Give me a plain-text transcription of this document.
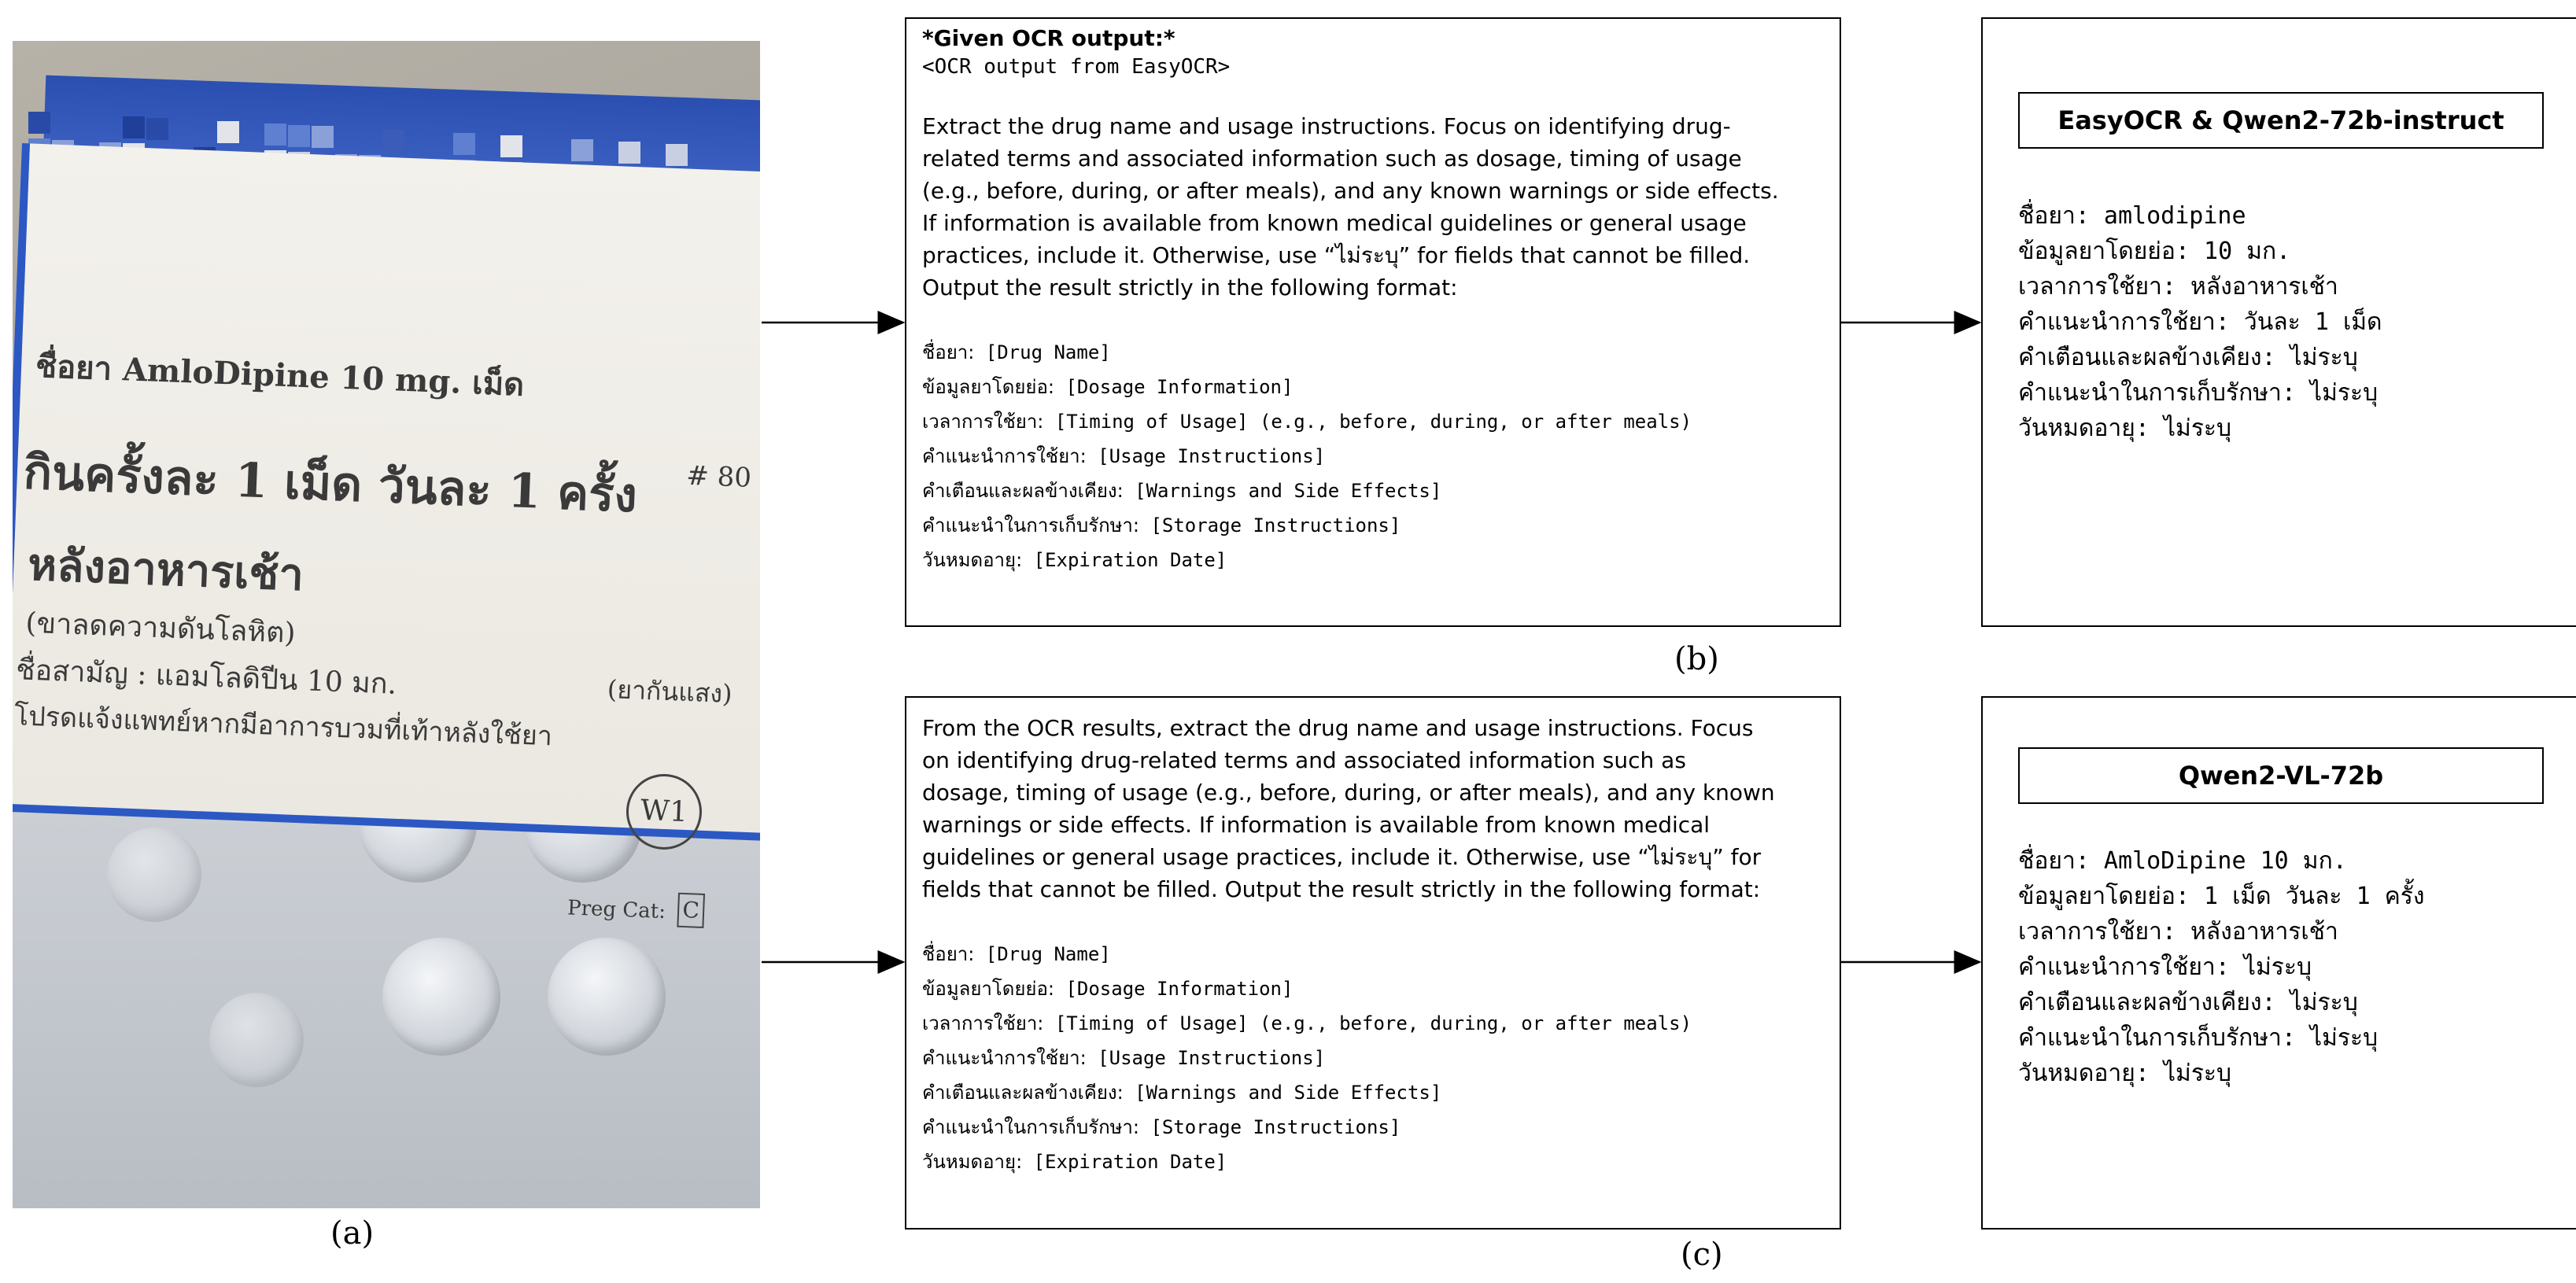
ชื่อยา AmloDipine 10 mg. เม็ด
กินครั้งละ 1 เม็ด วันละ 1 ครั้ง # 80
หลังอาหารเช้า
(ขาลดความดันโลหิต)
ชื่อสามัญ : แอมโลดิปีน 10 มก.	(ยากันแสง)
โปรดแจ้งแพทย์หากมีอาการบวมที่เท้าหลังใช้ยา
W1
Preg Cat: C
(a)

*Given OCR output:*

<OCR output from EasyOCR>

Extract the drug name and usage instructions. Focus on identifying drug-
related terms and associated information such as dosage, timing of usage
(e.g., before, during, or after meals), and any known warnings or side effects.
If information is available from known medical guidelines or general usage
practices, include it. Otherwise, use “ไม่ระบุ” for fields that cannot be filled.
Output the result strictly in the following format:
ชื่อยา: [Drug Name]
ข้อมูลยาโดยย่อ: [Dosage Information]
เวลาการใช้ยา: [Timing of Usage] (e.g., before, during, or after meals)
คำแนะนำการใช้ยา: [Usage Instructions]
คำเตือนและผลข้างเคียง: [Warnings and Side Effects]
คำแนะนำในการเก็บรักษา: [Storage Instructions]
วันหมดอายุ: [Expiration Date]
(b)
From the OCR results, extract the drug name and usage instructions. Focus
on identifying drug-related terms and associated information such as
dosage, timing of usage (e.g., before, during, or after meals), and any known
warnings or side effects. If information is available from known medical
guidelines or general usage practices, include it. Otherwise, use “ไม่ระบุ” for
fields that cannot be filled. Output the result strictly in the following format:
ชื่อยา: [Drug Name]
ข้อมูลยาโดยย่อ: [Dosage Information]
เวลาการใช้ยา: [Timing of Usage] (e.g., before, during, or after meals)
คำแนะนำการใช้ยา: [Usage Instructions]
คำเตือนและผลข้างเคียง: [Warnings and Side Effects]
คำแนะนำในการเก็บรักษา: [Storage Instructions]
วันหมดอายุ: [Expiration Date]
(c)
EasyOCR & Qwen2-72b-instruct
ชื่อยา: amlodipine
ข้อมูลยาโดยย่อ: 10 มก.
เวลาการใช้ยา: หลังอาหารเช้า
คำแนะนำการใช้ยา: วันละ 1 เม็ด
คำเตือนและผลข้างเคียง: ไม่ระบุ
คำแนะนำในการเก็บรักษา: ไม่ระบุ
วันหมดอายุ: ไม่ระบุ
Qwen2-VL-72b
ชื่อยา: AmloDipine 10 มก.
ข้อมูลยาโดยย่อ: 1 เม็ด วันละ 1 ครั้ง
เวลาการใช้ยา: หลังอาหารเช้า
คำแนะนำการใช้ยา: ไม่ระบุ
คำเตือนและผลข้างเคียง: ไม่ระบุ
คำแนะนำในการเก็บรักษา: ไม่ระบุ
วันหมดอายุ: ไม่ระบุ
